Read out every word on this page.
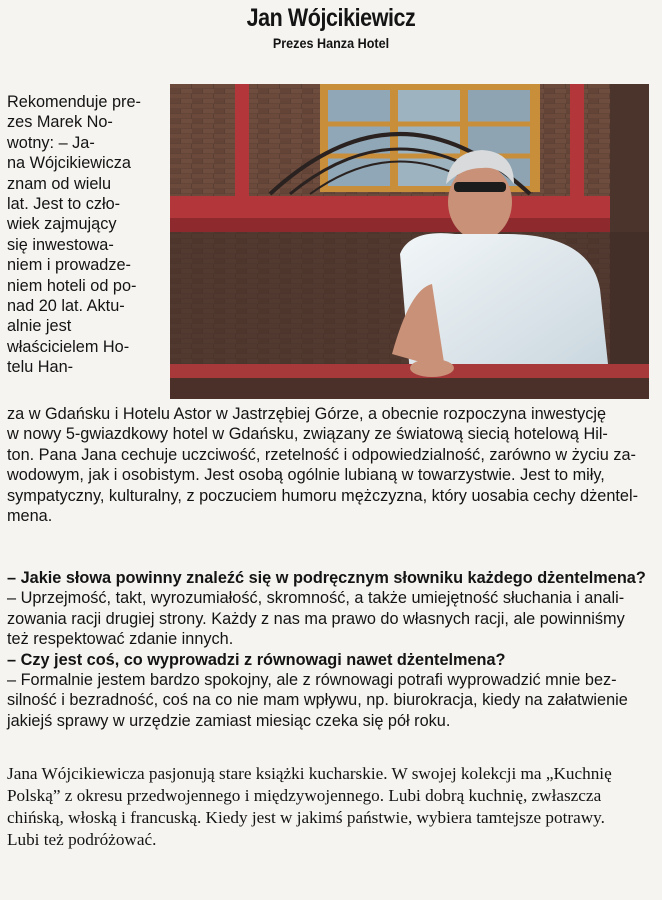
Jan Wójcikiewicz
Prezes Hanza Hotel
Rekomenduje pre-
zes Marek No-
wotny: – Ja-
na Wójcikiewicza
znam od wielu
lat. Jest to czło-
wiek zajmujący
się inwestowa-
niem i prowadze-
niem hoteli od po-
nad 20 lat. Aktu-
alnie jest
właścicielem Ho-
telu Han-
za w Gdańsku i Hotelu Astor w Jastrzębiej Górze, a obecnie rozpoczyna inwestycję
w nowy 5-gwiazdkowy hotel w Gdańsku, związany ze światową siecią hotelową Hil-
ton. Pana Jana cechuje uczciwość, rzetelność i odpowiedzialność, zarówno w życiu za-
wodowym, jak i osobistym. Jest osobą ogólnie lubianą w towarzystwie. Jest to miły,
sympatyczny, kulturalny, z poczuciem humoru mężczyzna, który uosabia cechy dżentel-
mena.
– Jakie słowa powinny znaleźć się w podręcznym słowniku każdego dżentelmena?
– Uprzejmość, takt, wyrozumiałość, skromność, a także umiejętność słuchania i anali-
zowania racji drugiej strony. Każdy z nas ma prawo do własnych racji, ale powinniśmy
też respektować zdanie innych.
– Czy jest coś, co wyprowadzi z równowagi nawet dżentelmena?
– Formalnie jestem bardzo spokojny, ale z równowagi potrafi wyprowadzić mnie bez-
silność i bezradność, coś na co nie mam wpływu, np. biurokracja, kiedy na załatwienie
jakiejś sprawy w urzędzie zamiast miesiąc czeka się pół roku.
Jana Wójcikiewicza pasjonują stare książki kucharskie. W swojej kolekcji ma „Kuchnię
Polską” z okresu przedwojennego i międzywojennego. Lubi dobrą kuchnię, zwłaszcza
chińską, włoską i francuską. Kiedy jest w jakimś państwie, wybiera tamtejsze potrawy.
Lubi też podróżować.
